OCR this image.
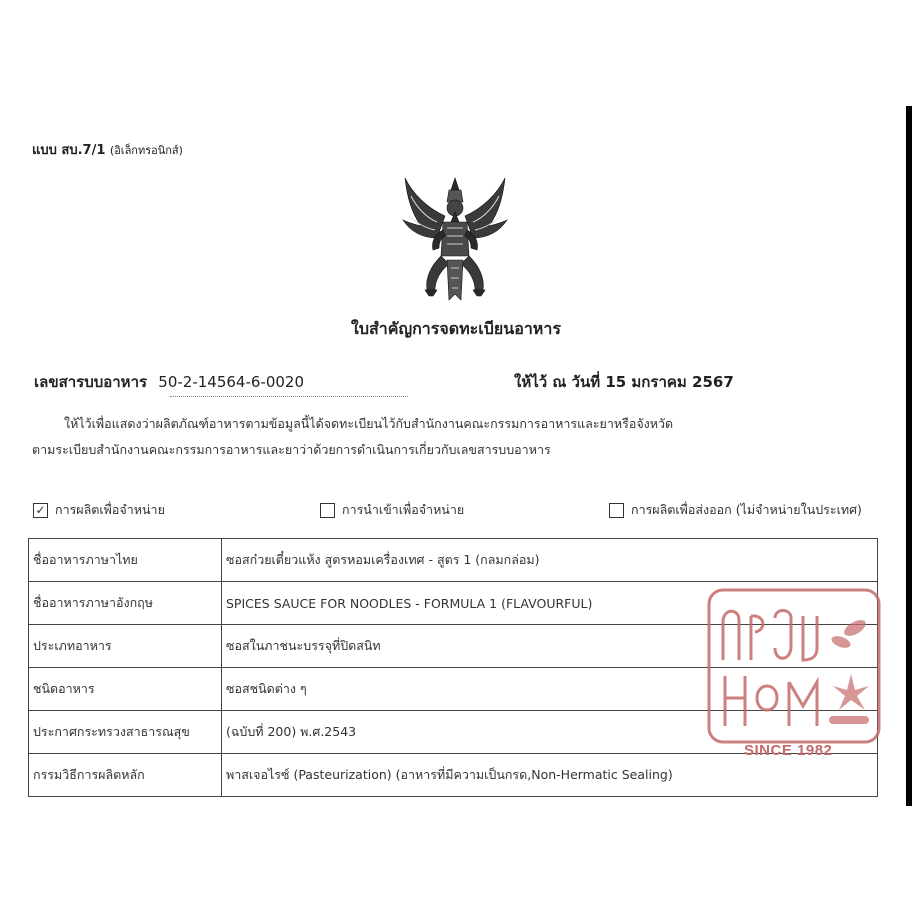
แบบ สบ.7/1 (อิเล็กทรอนิกส์)
ใบสำคัญการจดทะเบียนอาหาร
เลขสารบบอาหาร 50-2-14564-6-0020	ให้ไว้ ณ วันที่ 15 มกราคม 2567
ให้ไว้เพื่อแสดงว่าผลิตภัณฑ์อาหารตามข้อมูลนี้ได้จดทะเบียนไว้กับสำนักงานคณะกรรมการอาหารและยาหรือจังหวัด
ตามระเบียบสำนักงานคณะกรรมการอาหารและยาว่าด้วยการดำเนินการเกี่ยวกับเลขสารบบอาหาร
✓ การผลิตเพื่อจำหน่าย	การนำเข้าเพื่อจำหน่าย	การผลิตเพื่อส่งออก (ไม่จำหน่ายในประเทศ)
ชื่ออาหารภาษาไทย	ซอสก๋วยเตี๋ยวแห้ง สูตรหอมเครื่องเทศ - สูตร 1 (กลมกล่อม)
ชื่ออาหารภาษาอังกฤษ	SPICES SAUCE FOR NOODLES - FORMULA 1 (FLAVOURFUL)
ประเภทอาหาร	ซอสในภาชนะบรรจุที่ปิดสนิท
ชนิดอาหาร	ซอสชนิดต่าง ๆ
ประกาศกระทรวงสาธารณสุข	(ฉบับที่ 200) พ.ศ.2543
กรรมวิธีการผลิตหลัก	พาสเจอไรซ์ (Pasteurization) (อาหารที่มีความเป็นกรด,Non-Hermatic Sealing)
SINCE 1982
